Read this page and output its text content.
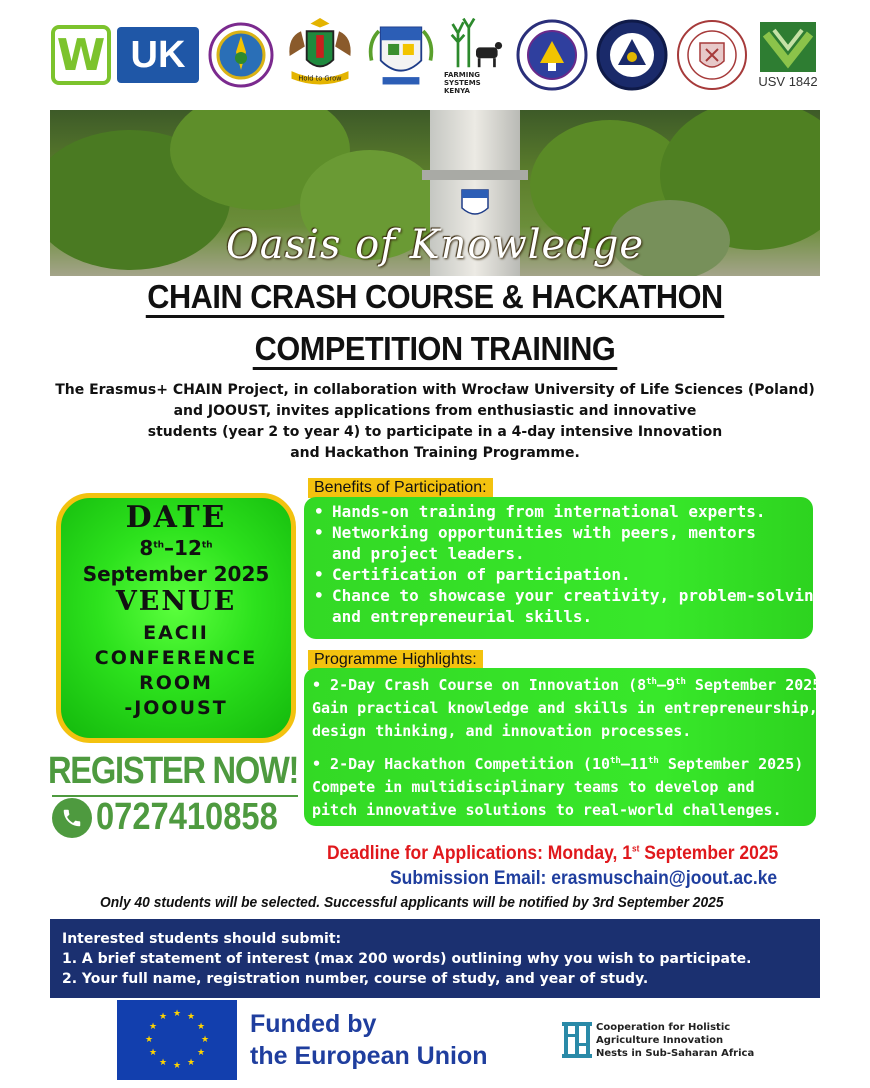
W UK
Hold to Grow	FARMING SYSTEMS KENYA
USV 1842
Oasis of Knowledge
CHAIN CRASH COURSE & HACKATHON
COMPETITION TRAINING
The Erasmus+ CHAIN Project, in collaboration with Wrocław University of Life Sciences (Poland)
and JOOUST, invites applications from enthusiastic and innovative
students (year 2 to year 4) to participate in a 4-day intensive Innovation
and Hackathon Training Programme.
DATE
8th–12th
September 2025
VENUE
EACII
CONFERENCE
ROOM
-JOOUST
REGISTER NOW!
0727410858
Benefits of Participation:
• Hands-on training from international experts.
• Networking opportunities with peers, mentors
and project leaders.
• Certification of participation.
• Chance to showcase your creativity, problem-solving
and entrepreneurial skills.
Programme Highlights:
• 2-Day Crash Course on Innovation (8th–9th September 2025)
Gain practical knowledge and skills in entrepreneurship,
design thinking, and innovation processes.
• 2-Day Hackathon Competition (10th–11th September 2025)
Compete in multidisciplinary teams to develop and
pitch innovative solutions to real-world challenges.
Deadline for Applications: Monday, 1st September 2025
Submission Email: erasmuschain@joout.ac.ke
Only 40 students will be selected. Successful applicants will be notified by 3rd September 2025
Interested students should submit:
1. A brief statement of interest (max 200 words) outlining why you wish to participate.
2. Your full name, registration number, course of study, and year of study.
★ ★
★
★
★
★
★
★
★
★
★
★	Funded by
the European Union
Cooperation for Holistic
Agriculture Innovation
Nests in Sub-Saharan Africa
